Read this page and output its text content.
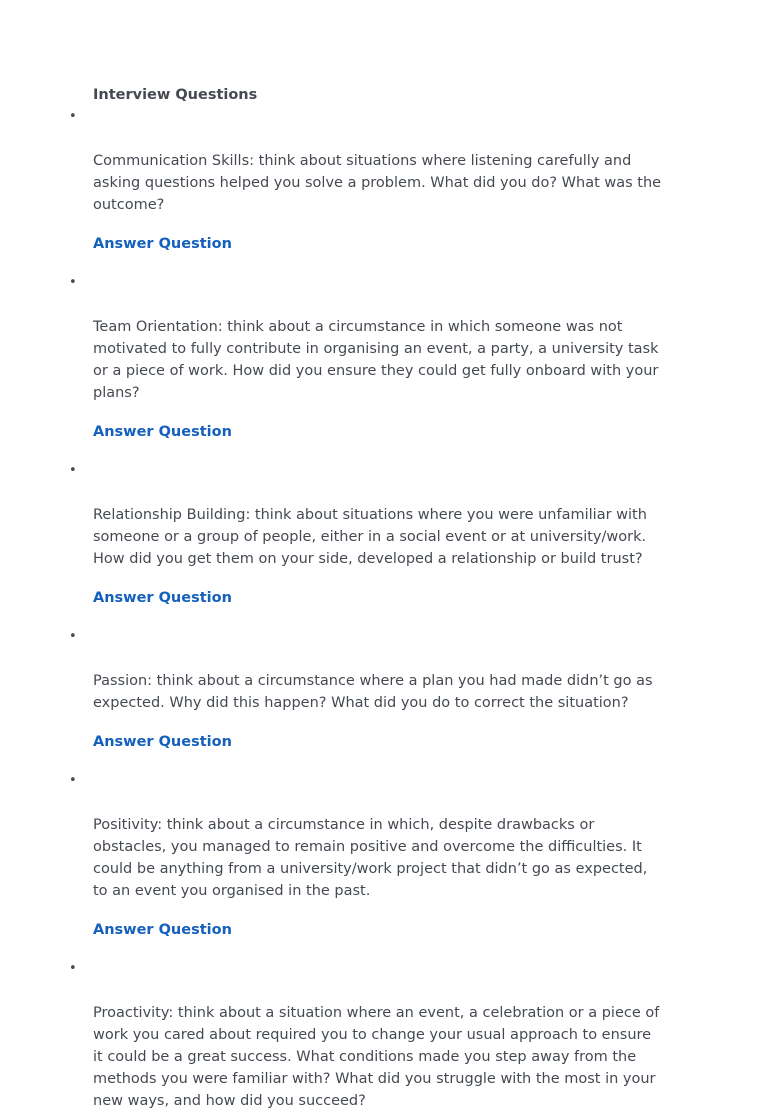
Interview Questions

•

Communication Skills: think about situations where listening carefully and
asking questions helped you solve a problem. What did you do? What was the
outcome?

Answer Question

•

Team Orientation: think about a circumstance in which someone was not
motivated to fully contribute in organising an event, a party, a university task
or a piece of work. How did you ensure they could get fully onboard with your
plans?

Answer Question

•

Relationship Building: think about situations where you were unfamiliar with
someone or a group of people, either in a social event or at university/work.
How did you get them on your side, developed a relationship or build trust?

Answer Question

•

Passion: think about a circumstance where a plan you had made didn’t go as
expected. Why did this happen? What did you do to correct the situation?

Answer Question

•

Positivity: think about a circumstance in which, despite drawbacks or
obstacles, you managed to remain positive and overcome the difficulties. It
could be anything from a university/work project that didn’t go as expected,
to an event you organised in the past.

Answer Question

•

Proactivity: think about a situation where an event, a celebration or a piece of
work you cared about required you to change your usual approach to ensure
it could be a great success. What conditions made you step away from the
methods you were familiar with? What did you struggle with the most in your
new ways, and how did you succeed?
